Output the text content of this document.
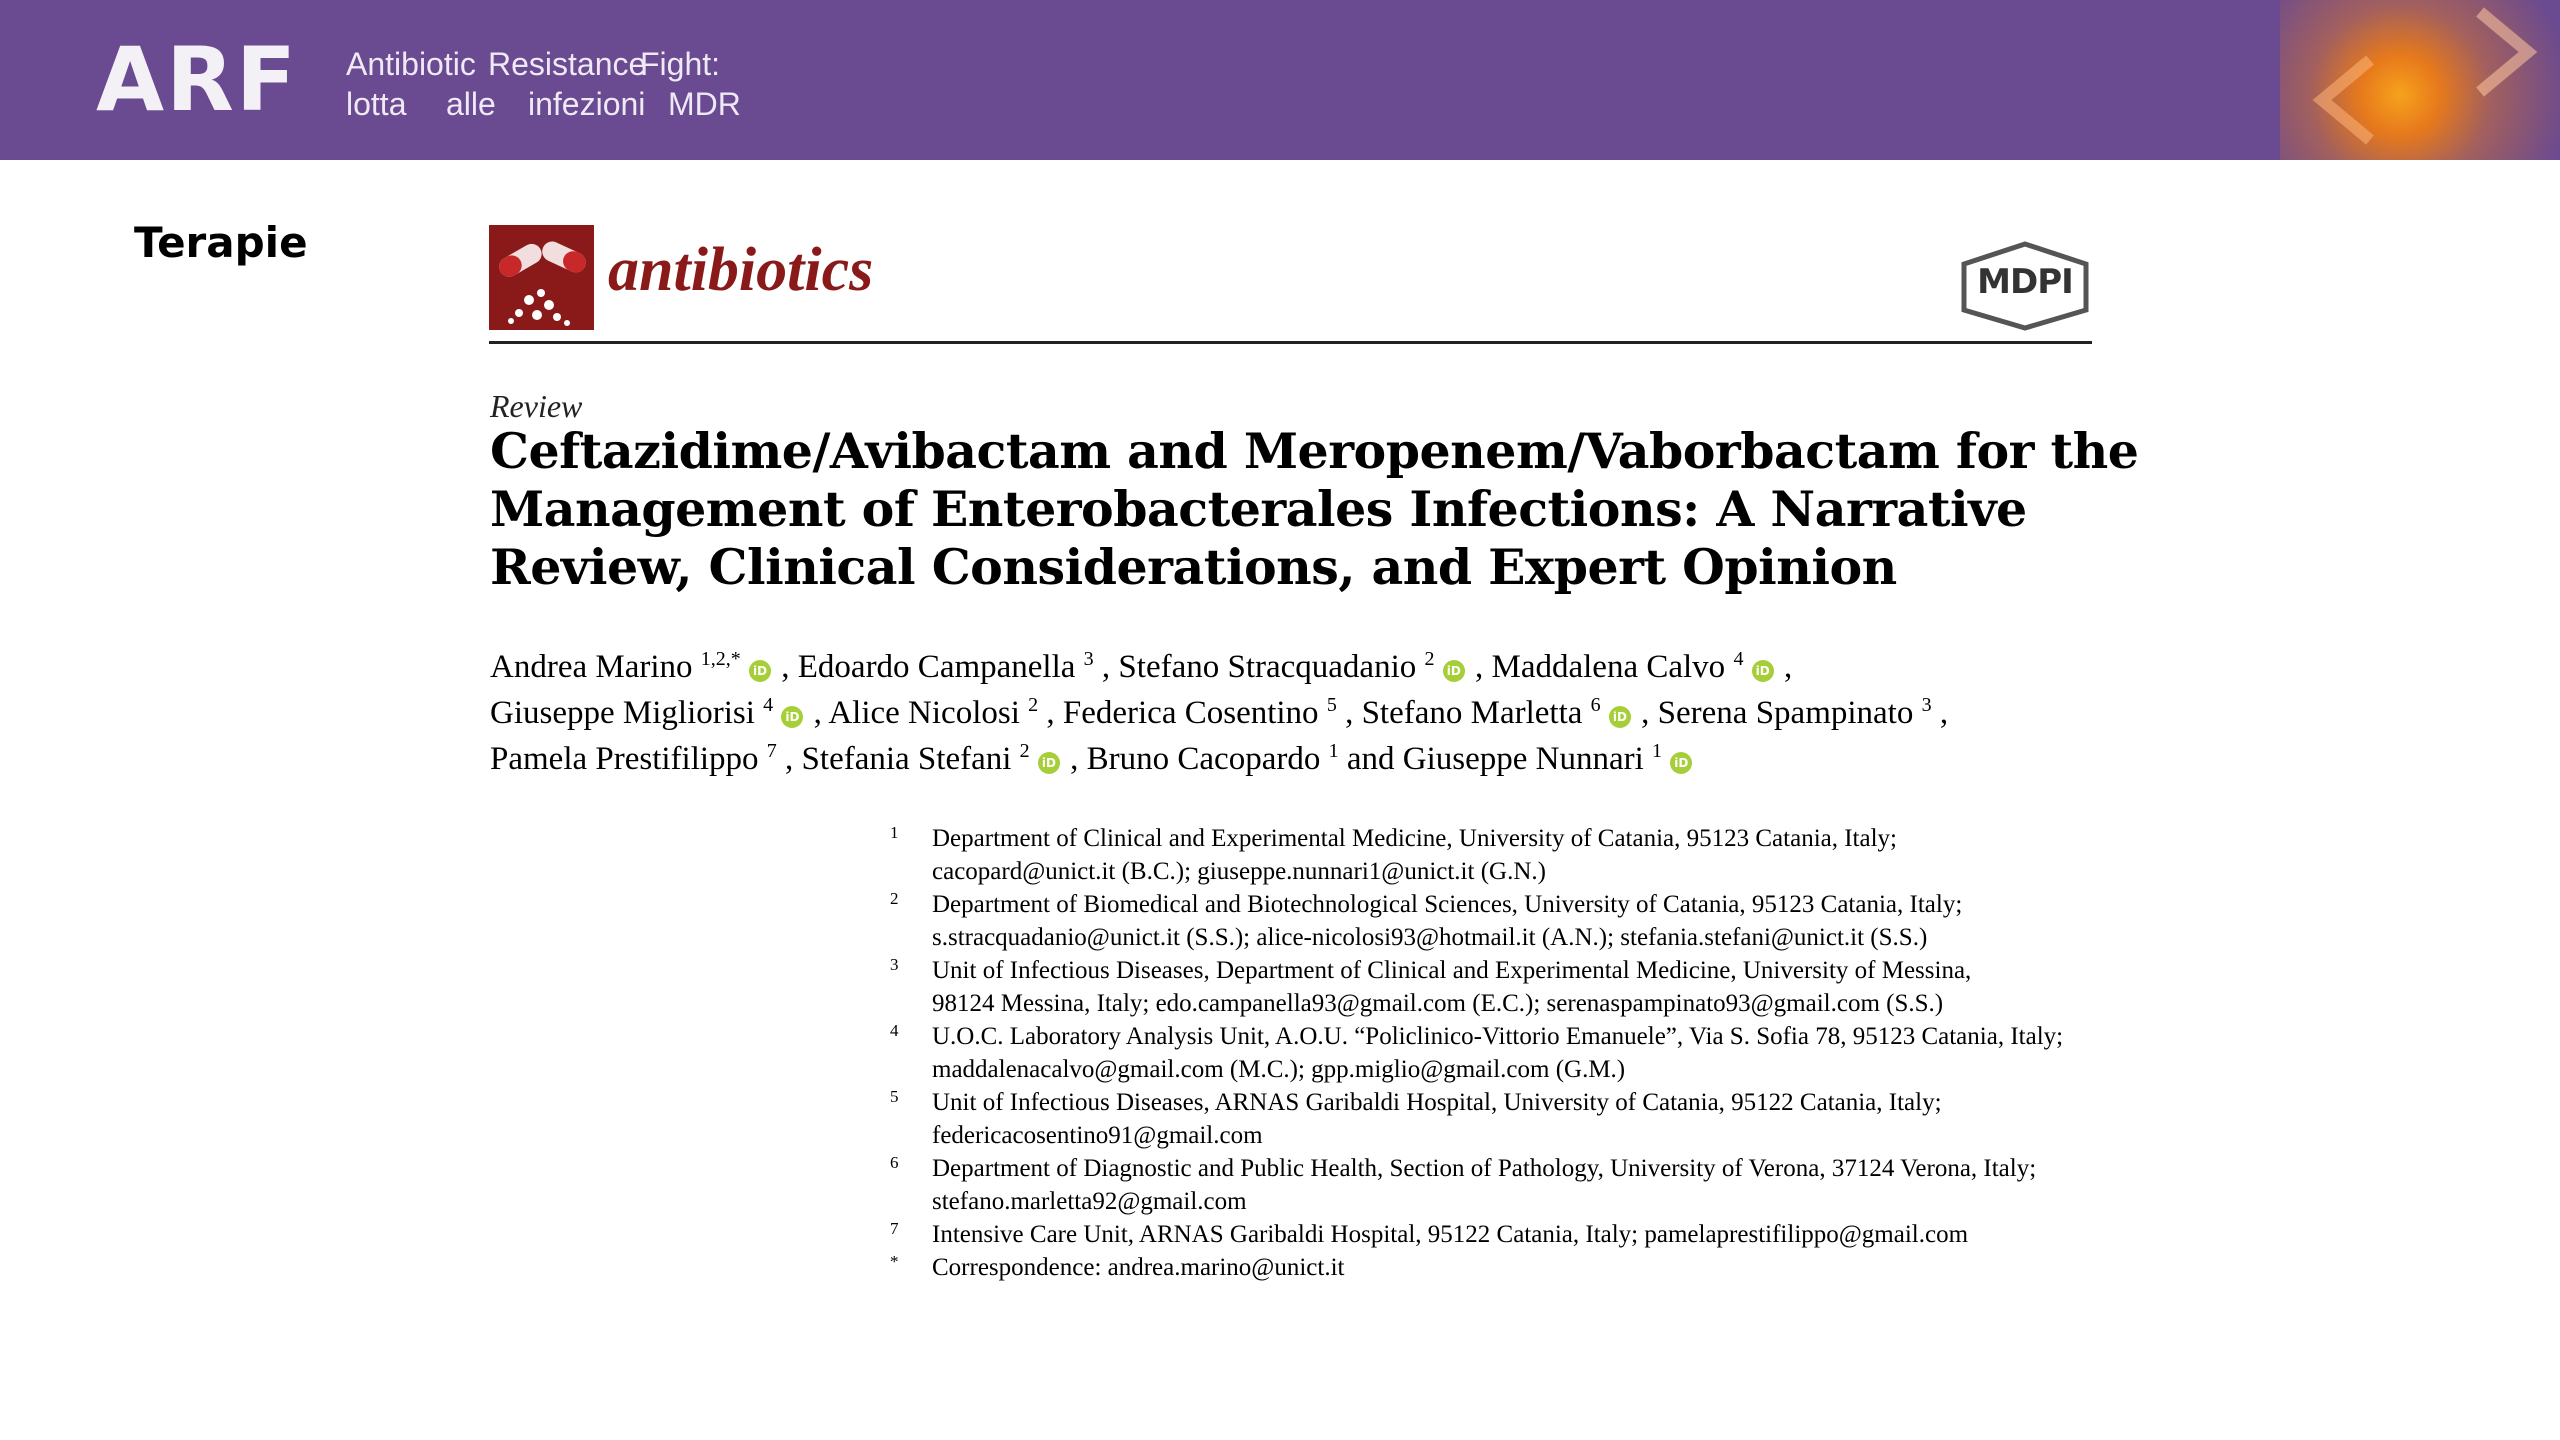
ARF Antibiotic Resistance
Fight:
lotta	alle	infezioni MDR
Terapie	antibiotics	MDPI
Review
Ceftazidime/Avibactam and Meropenem/Vaborbactam for the
Management of Enterobacterales Infections: A Narrative
Review, Clinical Considerations, and Expert Opinion
Andrea Marino $^{1,2,*}$ iD , Edoardo Campanella $^3$ , Stefano Stracquadanio $^2$ iD , Maddalena Calvo $^4$ iD ,
Giuseppe Migliorisi $^4$ iD , Alice Nicolosi $^2$ , Federica Cosentino $^5$ , Stefano Marletta $^6$ iD , Serena Spampinato $^3$ ,
Pamela Prestifilippo $^7$ , Stefania Stefani $^2$ iD , Bruno Cacopardo $^1$ and Giuseppe Nunnari $^1$ iD
1 Department of Clinical and Experimental Medicine, University of Catania, 95123 Catania, Italy;
cacopard@unict.it (B.C.); giuseppe.nunnari1@unict.it (G.N.)
2 Department of Biomedical and Biotechnological Sciences, University of Catania, 95123 Catania, Italy;
s.stracquadanio@unict.it (S.S.); alice-nicolosi93@hotmail.it (A.N.); stefania.stefani@unict.it (S.S.)
3 Unit of Infectious Diseases, Department of Clinical and Experimental Medicine, University of Messina,
98124 Messina, Italy; edo.campanella93@gmail.com (E.C.); serenaspampinato93@gmail.com (S.S.)
4 U.O.C. Laboratory Analysis Unit, A.O.U. “Policlinico-Vittorio Emanuele”, Via S. Sofia 78, 95123 Catania, Italy;
maddalenacalvo@gmail.com (M.C.); gpp.miglio@gmail.com (G.M.)
5 Unit of Infectious Diseases, ARNAS Garibaldi Hospital, University of Catania, 95122 Catania, Italy;
federicacosentino91@gmail.com
6 Department of Diagnostic and Public Health, Section of Pathology, University of Verona, 37124 Verona, Italy;
stefano.marletta92@gmail.com
7 Intensive Care Unit, ARNAS Garibaldi Hospital, 95122 Catania, Italy; pamelaprestifilippo@gmail.com
* Correspondence: andrea.marino@unict.it
